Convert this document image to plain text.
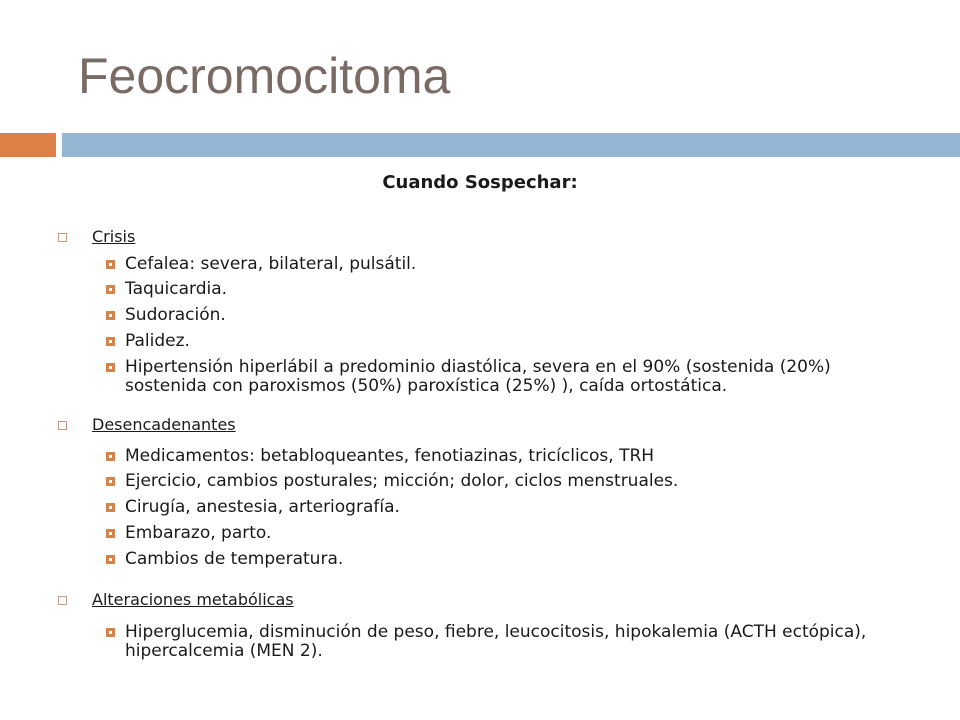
Feocromocitoma
Cuando Sospechar:
Crisis
Cefalea: severa, bilateral, pulsátil.
Taquicardia.
Sudoración.
Palidez.
Hipertensión hiperlábil a predominio diastólica, severa en el 90% (sostenida (20%) sostenida con paroxismos (50%) paroxística (25%) ), caída ortostática.
Desencadenantes
Medicamentos: betabloqueantes, fenotiazinas, tricíclicos, TRH
Ejercicio, cambios posturales; micción; dolor, ciclos menstruales.
Cirugía, anestesia, arteriografía.
Embarazo, parto.
Cambios de temperatura.
Alteraciones metabólicas
Hiperglucemia, disminución de peso, fiebre, leucocitosis, hipokalemia (ACTH ectópica), hipercalcemia (MEN 2).
